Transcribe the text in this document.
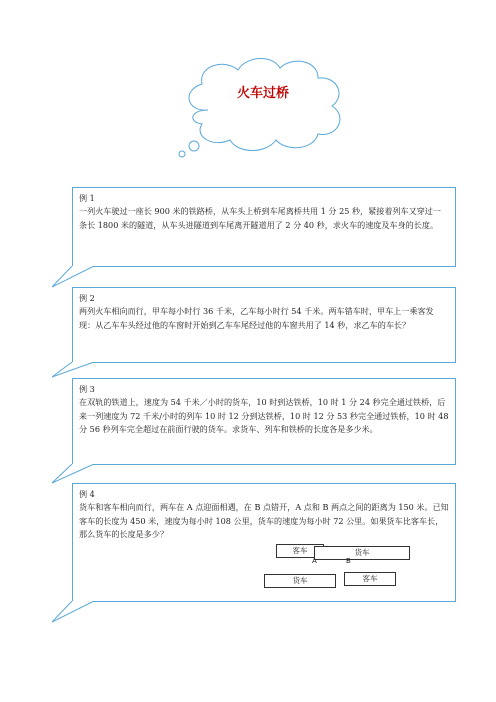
火车过桥
例 1
一列火车驶过一座长 900 米的铁路桥，从车头上桥到车尾离桥共用 1 分 25 秒，紧接着列车又穿过一条长 1800 米的隧道，从车头进隧道到车尾离开隧道用了 2 分 40 秒，求火车的速度及车身的长度。
例 2
两列火车相向而行，甲车每小时行 36 千米，乙车每小时行 54 千米。两车错车时，甲车上一乘客发现：从乙车车头经过他的车窗时开始到乙车车尾经过他的车窗共用了 14 秒，求乙车的车长？
例 3
在双轨的铁道上，速度为 54 千米／小时的货车，10 时到达铁桥，10 时 1 分 24 秒完全通过铁桥，后来一列速度为 72 千米/小时的列车 10 时 12 分到达铁桥，10 时 12 分 53 秒完全通过铁桥，10 时 48 分 56 秒列车完全超过在前面行驶的货车。求货车、列车和铁桥的长度各是多少米。
例 4
货车和客车相向而行，两车在 A 点迎面相遇，在 B 点错开，A 点和 B 两点之间的距离为 150 米。已知客车的长度为 450 米，速度为每小时 108 公里，货车的速度为每小时 72 公里。如果货车比客车长，那么货车的长度是多少？
客车	货车
A	B
货车	客车
